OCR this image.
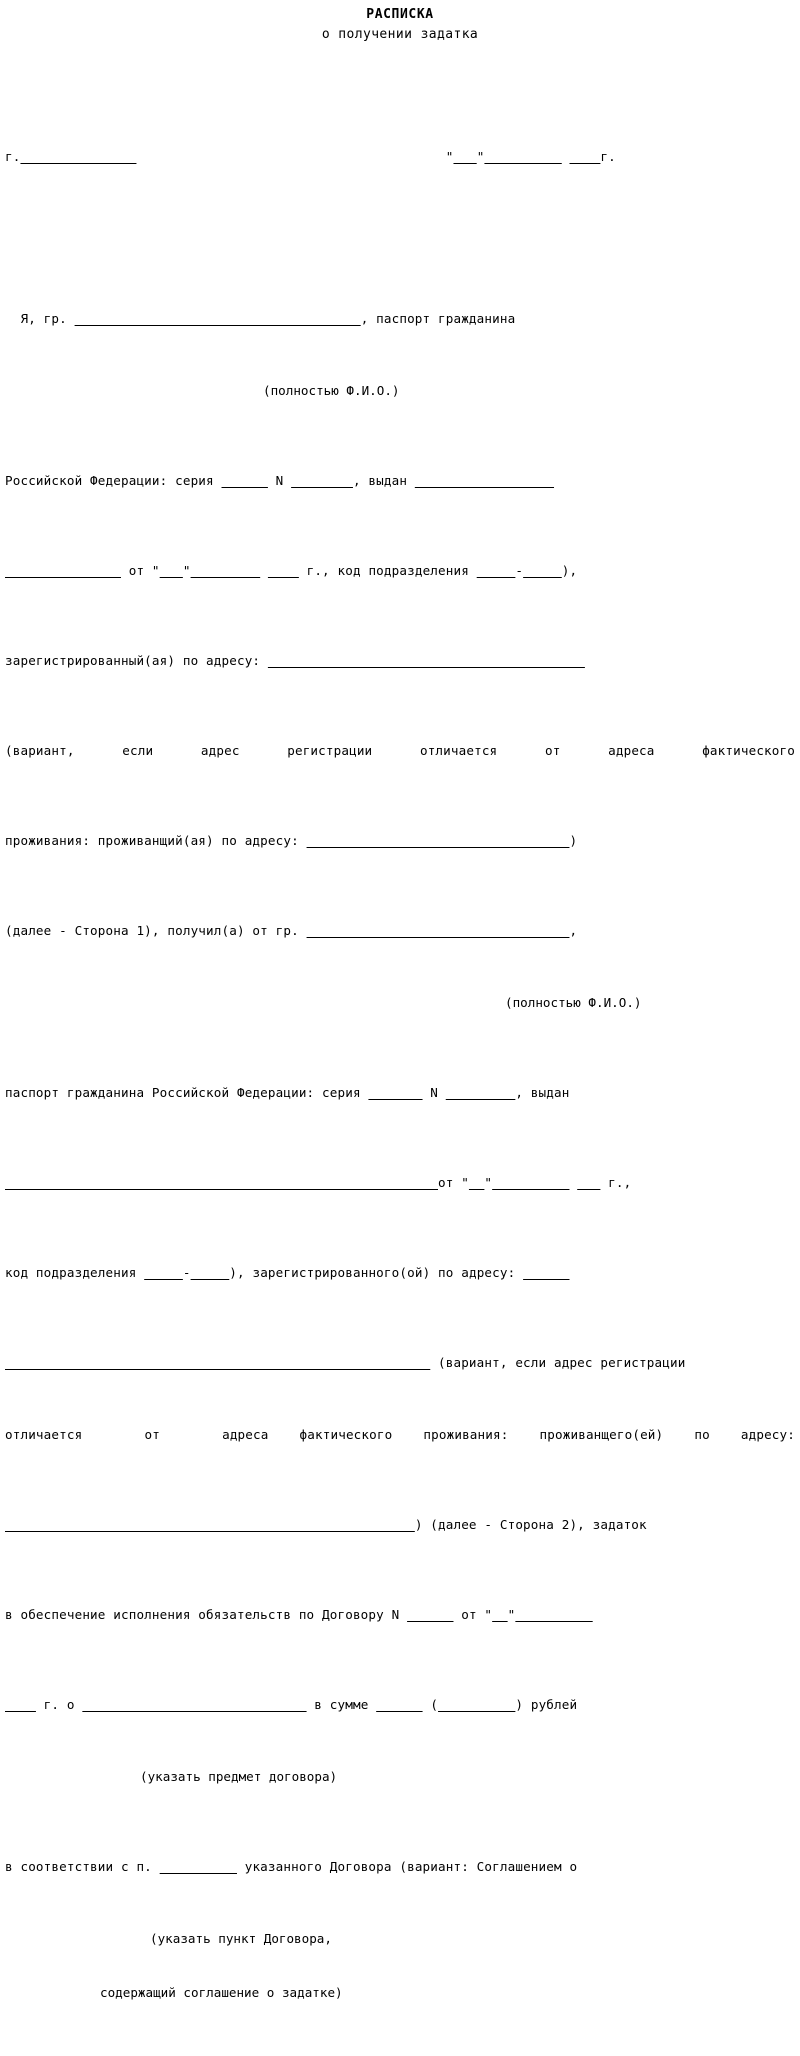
РАСПИСКА
о получении задатка

г.	" "	г.

Я, гр.	, паспорт гражданина

(полностью Ф.И.О.)

Российской Федерации: серия	N	, выдан

от " "	г., код подразделения	-	),

зарегистрированный(ая) по адресу:

(вариант,  если  адрес  регистрации  отличается  от  адреса  фактического

проживания: проживанщий(ая) по адресу:	)

(далее - Сторона 1), получил(а) от гр.	,

(полностью Ф.И.О.)

паспорт гражданина Российской Федерации: серия	N	, выдан

от " "	г.,

код подразделения	-	), зарегистрированного(ой) по адресу:

(вариант, если адрес регистрации

отличается  от  адреса фактического проживания: проживанщего(ей) по адресу:

) (далее - Сторона 2), задаток

в обеспечение исполнения обязательств по Договору N	от " "

г. о	в сумме	(	) рублей

(указать предмет договора)

в соответствии с п.	указанного Договора (вариант: Соглашением о

(указать пункт Договора,

содержащий соглашение о задатке)
